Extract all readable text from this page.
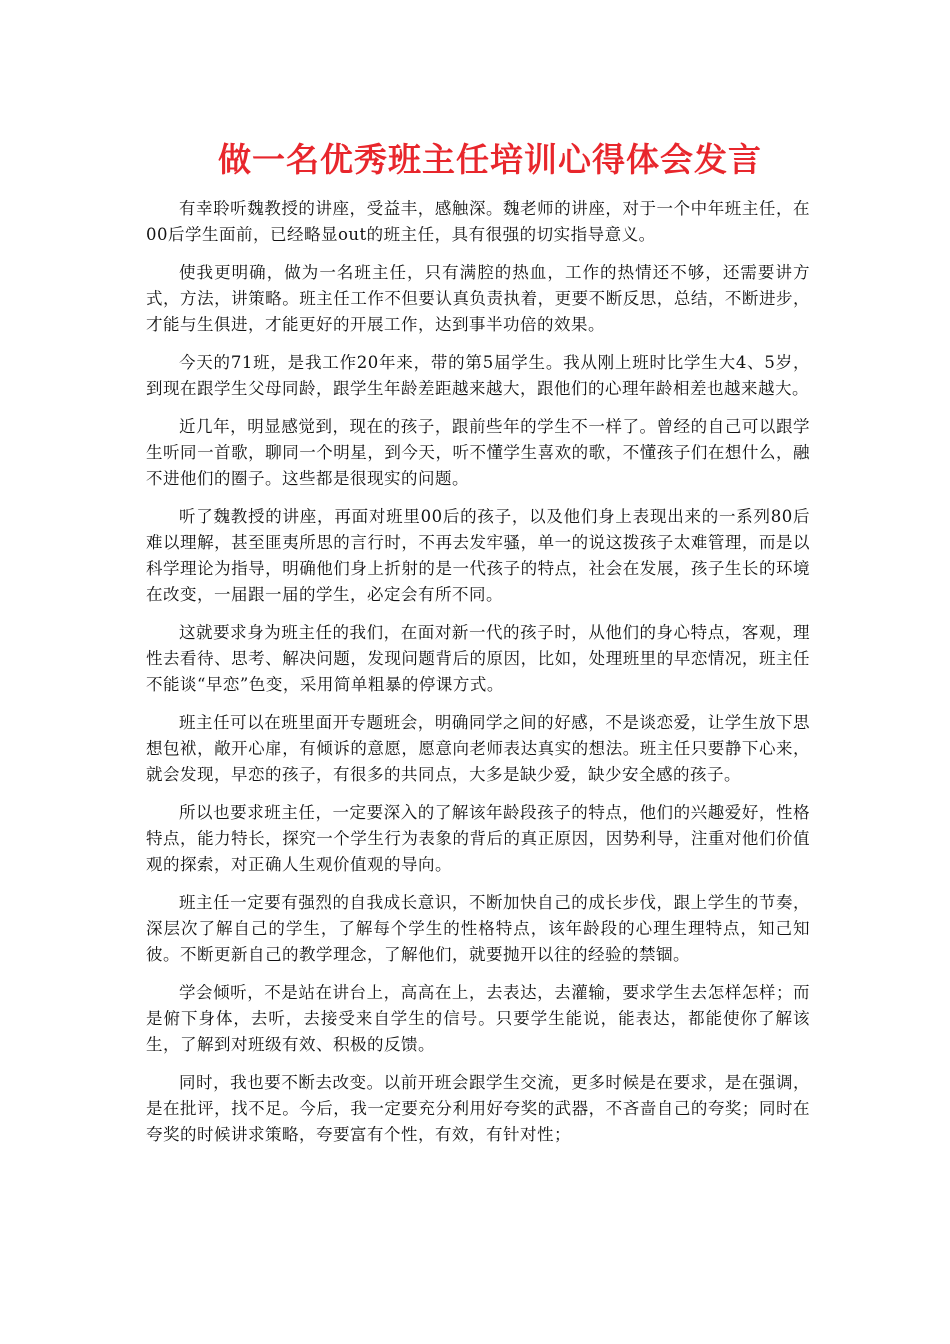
做一名优秀班主任培训心得体会发言

有幸聆听魏教授的讲座，受益丰，感触深。魏老师的讲座，对于一个中年班主任，在00后学生面前，已经略显out的班主任，具有很强的切实指导意义。

使我更明确，做为一名班主任，只有满腔的热血，工作的热情还不够，还需要讲方式，方法，讲策略。班主任工作不但要认真负责执着，更要不断反思，总结，不断进步，才能与生俱进，才能更好的开展工作，达到事半功倍的效果。

今天的71班，是我工作20年来，带的第5届学生。我从刚上班时比学生大4、5岁，到现在跟学生父母同龄，跟学生年龄差距越来越大，跟他们的心理年龄相差也越来越大。

近几年，明显感觉到，现在的孩子，跟前些年的学生不一样了。曾经的自己可以跟学生听同一首歌，聊同一个明星，到今天，听不懂学生喜欢的歌，不懂孩子们在想什么，融不进他们的圈子。这些都是很现实的问题。

听了魏教授的讲座，再面对班里00后的孩子，以及他们身上表现出来的一系列80后难以理解，甚至匪夷所思的言行时，不再去发牢骚，单一的说这拨孩子太难管理，而是以科学理论为指导，明确他们身上折射的是一代孩子的特点，社会在发展，孩子生长的环境在改变，一届跟一届的学生，必定会有所不同。

这就要求身为班主任的我们，在面对新一代的孩子时，从他们的身心特点，客观，理性去看待、思考、解决问题，发现问题背后的原因，比如，处理班里的早恋情况，班主任不能谈“早恋”色变，采用简单粗暴的停课方式。

班主任可以在班里面开专题班会，明确同学之间的好感，不是谈恋爱，让学生放下思想包袱，敞开心扉，有倾诉的意愿，愿意向老师表达真实的想法。班主任只要静下心来，就会发现，早恋的孩子，有很多的共同点，大多是缺少爱，缺少安全感的孩子。

所以也要求班主任，一定要深入的了解该年龄段孩子的特点，他们的兴趣爱好，性格特点，能力特长，探究一个学生行为表象的背后的真正原因，因势利导，注重对他们价值观的探索，对正确人生观价值观的导向。

班主任一定要有强烈的自我成长意识，不断加快自己的成长步伐，跟上学生的节奏，深层次了解自己的学生，了解每个学生的性格特点，该年龄段的心理生理特点，知己知彼。不断更新自己的教学理念，了解他们，就要抛开以往的经验的禁锢。

学会倾听，不是站在讲台上，高高在上，去表达，去灌输，要求学生去怎样怎样；而是俯下身体，去听，去接受来自学生的信号。只要学生能说，能表达，都能使你了解该生，了解到对班级有效、积极的反馈。

同时，我也要不断去改变。以前开班会跟学生交流，更多时候是在要求，是在强调，是在批评，找不足。今后，我一定要充分利用好夸奖的武器，不吝啬自己的夸奖；同时在夸奖的时候讲求策略，夸要富有个性，有效，有针对性；
